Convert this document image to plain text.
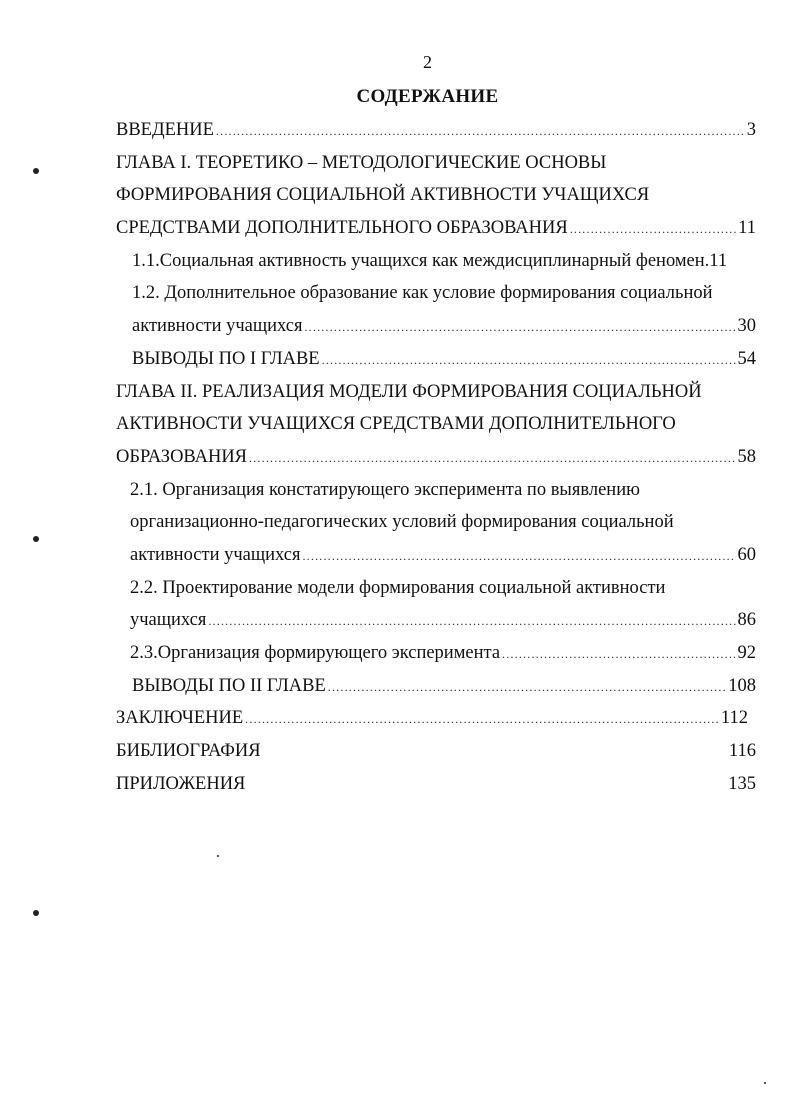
2
СОДЕРЖАНИЕ
ВВЕДЕНИЕ .....	3
ГЛАВА I. ТЕОРЕТИКО – МЕТОДОЛОГИЧЕСКИЕ ОСНОВЫ
ФОРМИРОВАНИЯ СОЦИАЛЬНОЙ АКТИВНОСТИ УЧАЩИХСЯ
СРЕДСТВАМИ ДОПОЛНИТЕЛЬНОГО ОБРАЗОВАНИЯ .....	11
1.1.Социальная активность учащихся как междисциплинарный феномен. 11
1.2. Дополнительное образование как условие формирования социальной
активности учащихся .....	30
ВЫВОДЫ ПО I ГЛАВЕ .....	54
ГЛАВА II. РЕАЛИЗАЦИЯ МОДЕЛИ ФОРМИРОВАНИЯ СОЦИАЛЬНОЙ
АКТИВНОСТИ УЧАЩИХСЯ СРЕДСТВАМИ ДОПОЛНИТЕЛЬНОГО
ОБРАЗОВАНИЯ .....	58
2.1. Организация констатирующего эксперимента по выявлению
организационно-педагогических условий формирования социальной
активности учащихся .....	60
2.2. Проектирование модели формирования социальной активности
учащихся .....	86
2.3.Организация формирующего эксперимента .....	92
ВЫВОДЫ ПО II ГЛАВЕ .....	108
ЗАКЛЮЧЕНИЕ .....	112
БИБЛИОГРАФИЯ	116
ПРИЛОЖЕНИЯ	135
